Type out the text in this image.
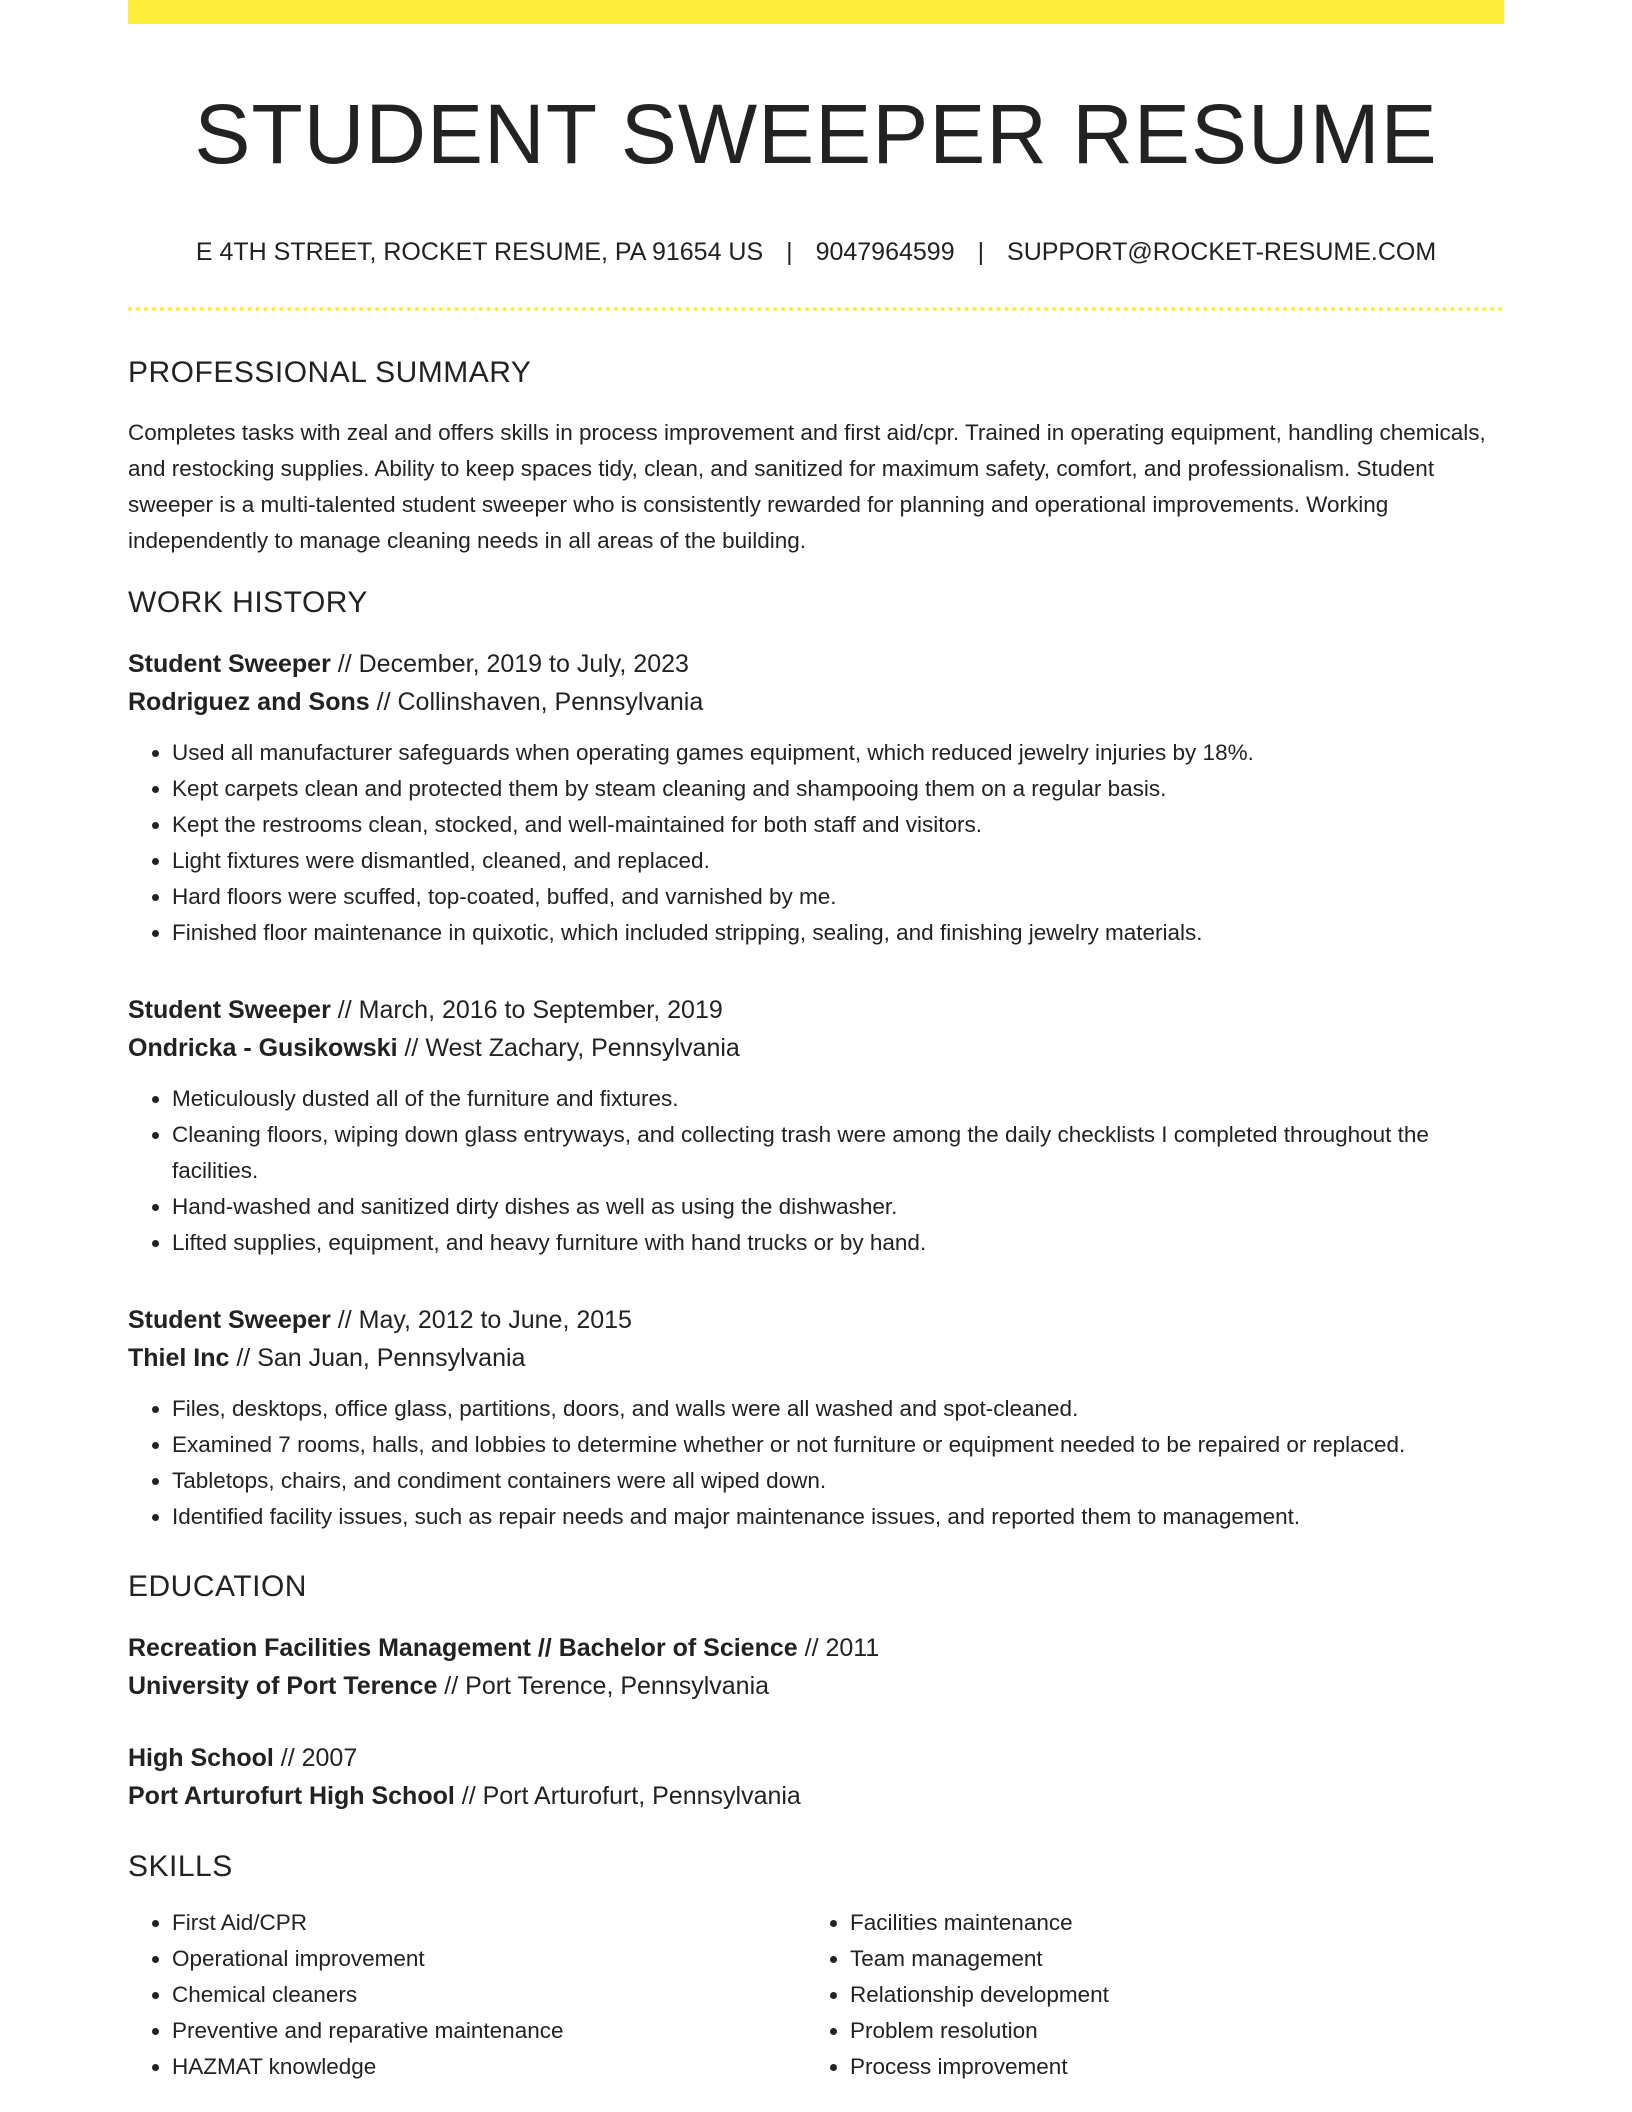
STUDENT SWEEPER RESUME
E 4TH STREET, ROCKET RESUME, PA 91654 US | 9047964599 | SUPPORT@ROCKET-RESUME.COM
PROFESSIONAL SUMMARY

Completes tasks with zeal and offers skills in process improvement and first aid/cpr. Trained in operating equipment, handling chemicals, and restocking supplies. Ability to keep spaces tidy, clean, and sanitized for maximum safety, comfort, and professionalism. Student sweeper is a multi-talented student sweeper who is consistently rewarded for planning and operational improvements. Working independently to manage cleaning needs in all areas of the building.

WORK HISTORY
Student Sweeper // December, 2019 to July, 2023
Rodriguez and Sons // Collinshaven, Pennsylvania
• Used all manufacturer safeguards when operating games equipment, which reduced jewelry injuries by 18%.
• Kept carpets clean and protected them by steam cleaning and shampooing them on a regular basis.
• Kept the restrooms clean, stocked, and well-maintained for both staff and visitors.
• Light fixtures were dismantled, cleaned, and replaced.
• Hard floors were scuffed, top-coated, buffed, and varnished by me.
• Finished floor maintenance in quixotic, which included stripping, sealing, and finishing jewelry materials.
Student Sweeper // March, 2016 to September, 2019
Ondricka - Gusikowski // West Zachary, Pennsylvania
• Meticulously dusted all of the furniture and fixtures.
• Cleaning floors, wiping down glass entryways, and collecting trash were among the daily checklists I completed throughout the facilities.
• Hand-washed and sanitized dirty dishes as well as using the dishwasher.
• Lifted supplies, equipment, and heavy furniture with hand trucks or by hand.
Student Sweeper // May, 2012 to June, 2015
Thiel Inc // San Juan, Pennsylvania
• Files, desktops, office glass, partitions, doors, and walls were all washed and spot-cleaned.
• Examined 7 rooms, halls, and lobbies to determine whether or not furniture or equipment needed to be repaired or replaced.
• Tabletops, chairs, and condiment containers were all wiped down.
• Identified facility issues, such as repair needs and major maintenance issues, and reported them to management.
EDUCATION
Recreation Facilities Management // Bachelor of Science // 2011
University of Port Terence // Port Terence, Pennsylvania
High School // 2007
Port Arturofurt High School // Port Arturofurt, Pennsylvania
SKILLS
• First Aid/CPR
• Operational improvement
• Chemical cleaners
• Preventive and reparative maintenance
• HAZMAT knowledge
• Facilities maintenance
• Team management
• Relationship development
• Problem resolution
• Process improvement
